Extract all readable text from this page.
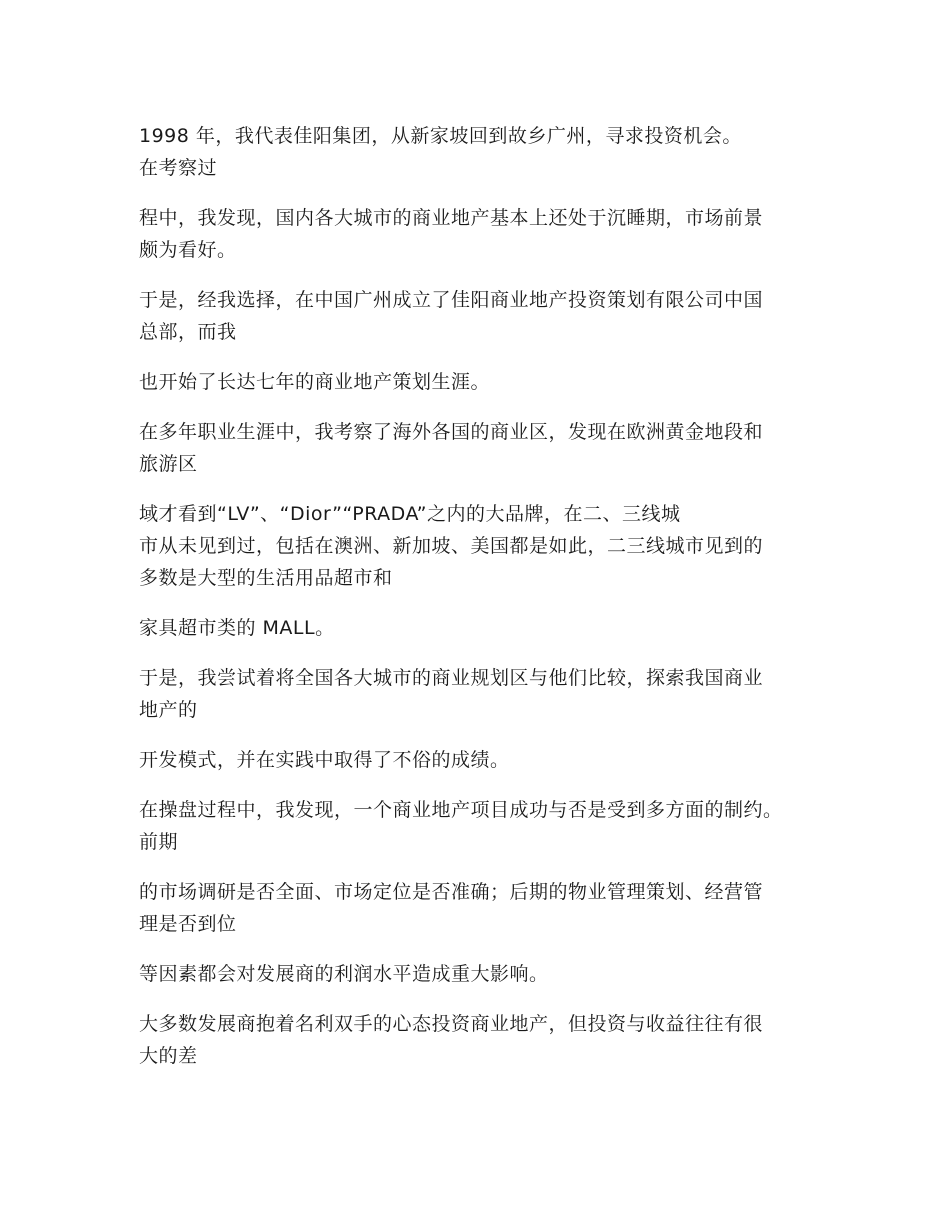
1998 年，我代表佳阳集团，从新家坡回到故乡广州，寻求投资机会。
在考察过

程中，我发现，国内各大城市的商业地产基本上还处于沉睡期，市场前景
颇为看好。

于是，经我选择，在中国广州成立了佳阳商业地产投资策划有限公司中国
总部，而我

也开始了长达七年的商业地产策划生涯。

在多年职业生涯中，我考察了海外各国的商业区，发现在欧洲黄金地段和
旅游区

域才看到“LV”、“Dior”“PRADA”之内的大品牌，在二、三线城
市从未见到过，包括在澳洲、新加坡、美国都是如此，二三线城市见到的
多数是大型的生活用品超市和

家具超市类的 MALL。

于是，我尝试着将全国各大城市的商业规划区与他们比较，探索我国商业
地产的

开发模式，并在实践中取得了不俗的成绩。

在操盘过程中，我发现，一个商业地产项目成功与否是受到多方面的制约。
前期

的市场调研是否全面、市场定位是否准确；后期的物业管理策划、经营管
理是否到位

等因素都会对发展商的利润水平造成重大影响。

大多数发展商抱着名利双手的心态投资商业地产，但投资与收益往往有很
大的差
